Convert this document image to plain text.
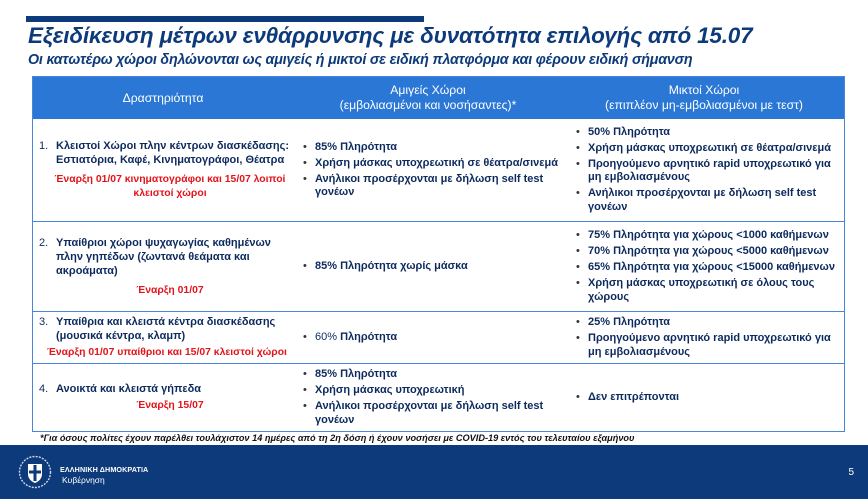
Εξειδίκευση μέτρων ενθάρρυνσης με δυνατότητα επιλογής από 15.07
Οι κατωτέρω χώροι δηλώνονται ως αμιγείς ή μικτοί σε ειδική πλατφόρμα και φέρουν ειδική σήμανση
Δραστηριότητα
Αμιγείς Χώροι
(εμβολιασμένοι και νοσήσαντες)*
Μικτοί Χώροι
(επιπλέον μη-εμβολιασμένοι με τεστ)
1. Κλειστοί Χώροι πλην κέντρων διασκέδασης: Εστιατόρια, Καφέ, Κινηματογράφοι, Θέατρα
Έναρξη 01/07 κινηματογράφοι και 15/07 λοιποί κλειστοί χώροι
• 85% Πληρότητα
• Χρήση μάσκας υποχρεωτική σε θέατρα/σινεμά
• Ανήλικοι προσέρχονται με δήλωση self test γονέων
• 50% Πληρότητα
• Χρήση μάσκας υποχρεωτική σε θέατρα/σινεμά
• Προηγούμενο αρνητικό rapid υποχρεωτικό για μη εμβολιασμένους
• Ανήλικοι προσέρχονται με δήλωση self test γονέων
2. Υπαίθριοι χώροι ψυχαγωγίας καθημένων πλην γηπέδων (ζωντανά θεάματα και ακροάματα)
Έναρξη 01/07
• 85% Πληρότητα χωρίς μάσκα
• 75% Πληρότητα για χώρους <1000 καθήμενων
• 70% Πληρότητα για χώρους <5000 καθήμενων
• 65% Πληρότητα για χώρους <15000 καθήμενων
• Χρήση μάσκας υποχρεωτική σε όλους τους χώρους
3. Υπαίθρια και κλειστά κέντρα διασκέδασης (μουσικά κέντρα, κλαμπ)
Έναρξη 01/07 υπαίθριοι και 15/07 κλειστοί χώροι
• 60% Πληρότητα
• 25% Πληρότητα
• Προηγούμενο αρνητικό rapid υποχρεωτικό για μη εμβολιασμένους
4. Ανοικτά και κλειστά γήπεδα
Έναρξη 15/07
• 85% Πληρότητα
• Χρήση μάσκας υποχρεωτική
• Ανήλικοι προσέρχονται με δήλωση self test γονέων
• Δεν επιτρέπονται
*Για όσους πολίτες έχουν παρέλθει τουλάχιστον 14 ημέρες από τη 2η δόση ή έχουν νοσήσει με COVID-19 εντός του τελευταίου εξαμήνου
ΕΛΛΗΝΙΚΗ ΔΗΜΟΚΡΑΤΙΑ
Κυβέρνηση
5
